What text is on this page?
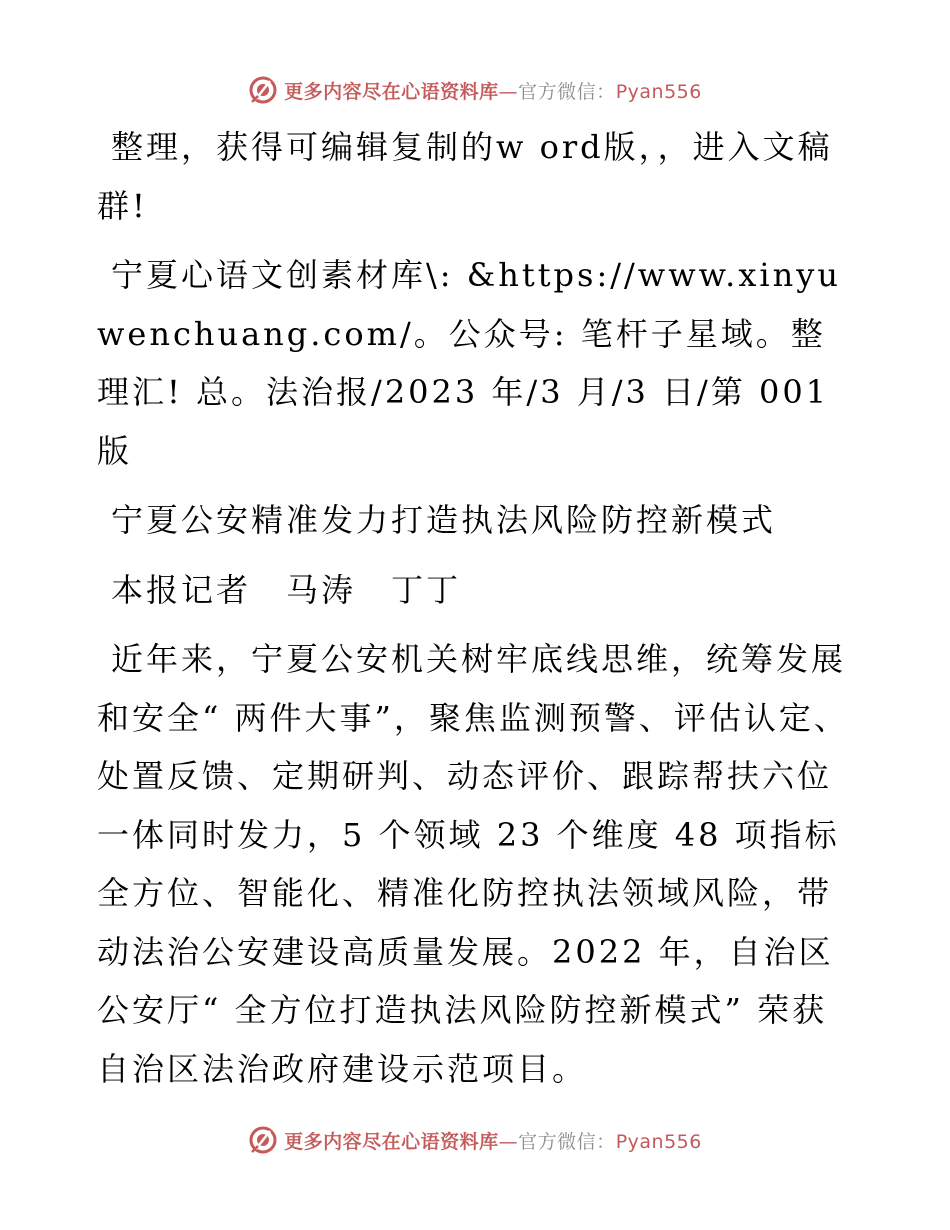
更多内容尽在心语资料库—官方微信：Pyan556

整理，获得可编辑复制的w ord版，，进入文稿群!

宁夏心语文创素材库\: &https://www.xinyuwenchuang.com/。公众号: 笔杆子星域。整理汇! 总。法治报/2023 年/3 月/3 日/第 001 版

宁夏公安精准发力打造执法风险防控新模式

本报记者　马涛　丁丁

近年来，宁夏公安机关树牢底线思维，统筹发展和安全“ 两件大事”，聚焦监测预警、评估认定、处置反馈、定期研判、动态评价、跟踪帮扶六位一体同时发力，5 个领域 23 个维度 48 项指标全方位、智能化、精准化防控执法领域风险，带动法治公安建设高质量发展。2022 年，自治区公安厅“ 全方位打造执法风险防控新模式” 荣获自治区法治政府建设示范项目。

更多内容尽在心语资料库—官方微信：Pyan556
